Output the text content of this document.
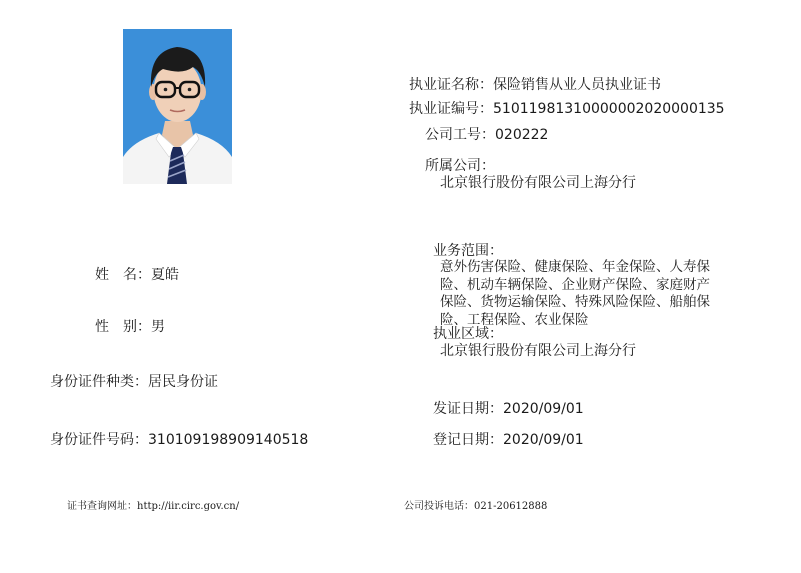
执业证名称：保险销售从业人员执业证书
执业证编号：51011981310000002020000135
公司工号：020222
所属公司：
北京银行股份有限公司上海分行
业务范围：
意外伤害保险、健康保险、年金保险、人寿保
险、机动车辆保险、企业财产保险、家庭财产
保险、货物运输保险、特殊风险保险、船舶保
险、工程保险、农业保险
执业区域：
北京银行股份有限公司上海分行
发证日期：2020/09/01
登记日期：2020/09/01
姓　名：夏皓
性　别：男
身份证件种类：居民身份证
身份证件号码：310109198909140518
证书查询网址：http://iir.circ.gov.cn/	公司投诉电话：021-20612888
